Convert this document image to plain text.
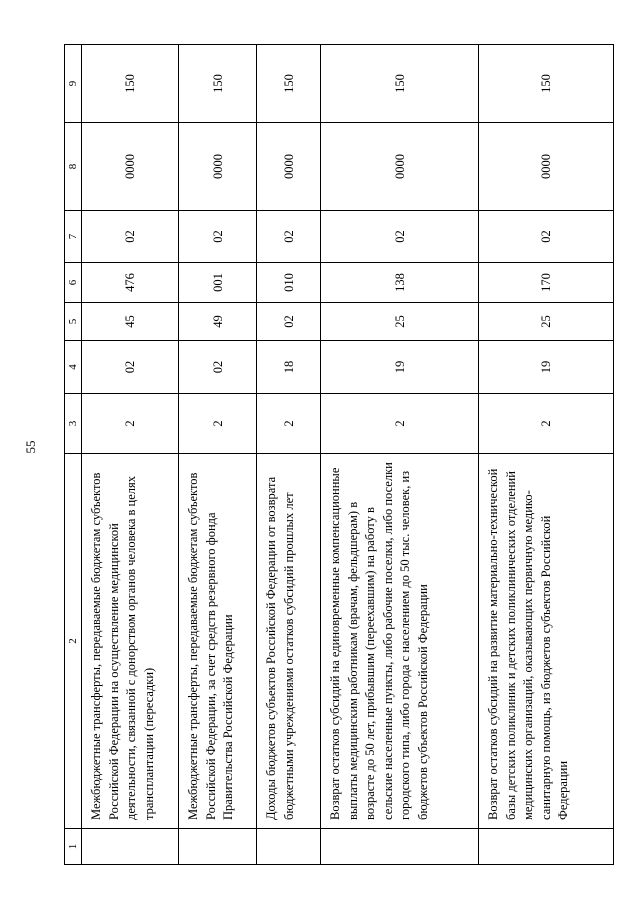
55
1	2	3	4	5	6	7	8	9
	Межбюджетные трансферты, передаваемые бюджетам субъектов Российской Федерации на осуществление медицинской деятельности, связанной с донорством органов человека в целях трансплантации (пересадки)	2	02	45	476	02	0000	150
	Межбюджетные трансферты, передаваемые бюджетам субъектов Российской Федерации, за счет средств резервного фонда Правительства Российской Федерации	2	02	49	001	02	0000	150
	Доходы бюджетов субъектов Российской Федерации от возврата бюджетными учреждениями остатков субсидий прошлых лет	2	18	02	010	02	0000	150
	Возврат остатков субсидий на единовременные компенсационные выплаты медицинским работникам (врачам, фельдшерам) в возрасте до 50 лет, прибывшим (переехавшим) на работу в сельские населенные пункты, либо рабочие поселки, либо поселки городского типа, либо города с населением до 50 тыс. человек, из бюджетов субъектов Российской Федерации	2	19	25	138	02	0000	150
	Возврат остатков субсидий на развитие материально-технической базы детских поликлиник и детских поликлинических отделений медицинских организаций, оказывающих первичную медико-санитарную помощь, из бюджетов субъектов Российской Федерации	2	19	25	170	02	0000	150
